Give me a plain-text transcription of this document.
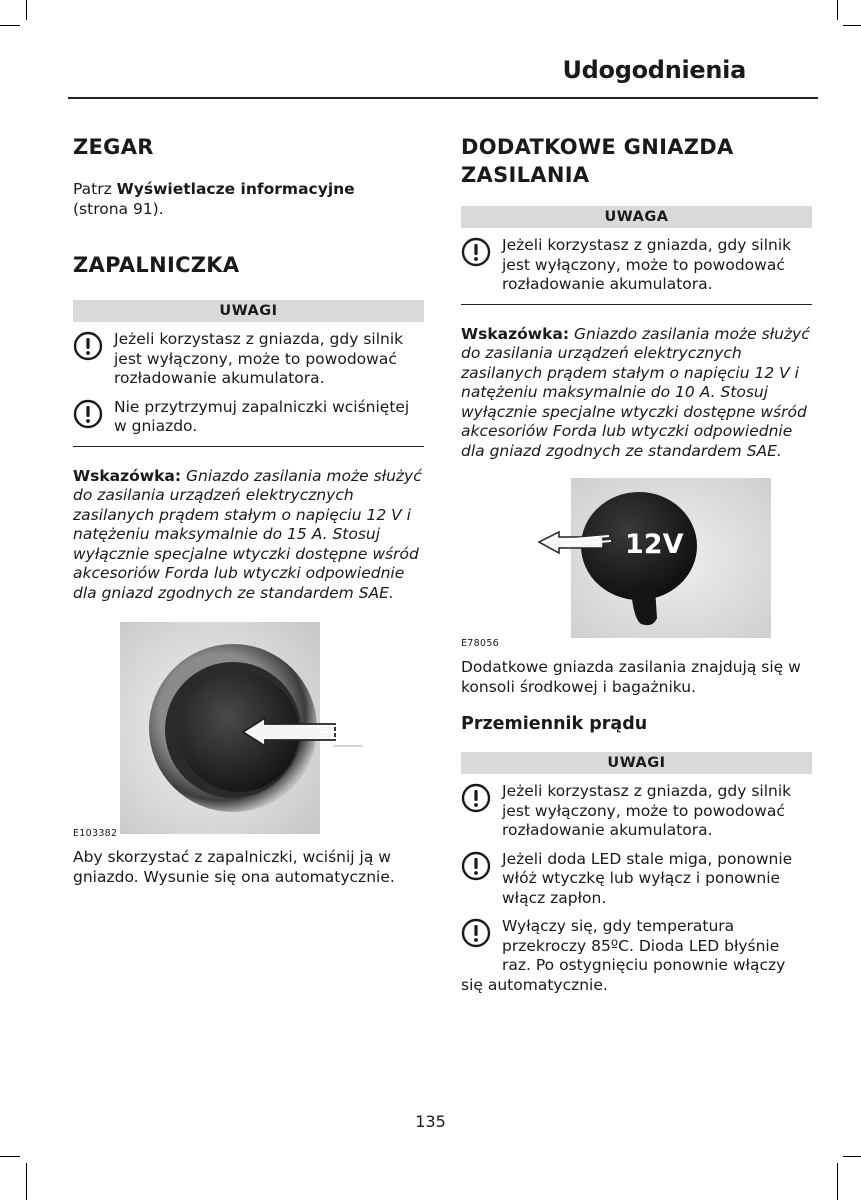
Udogodnienia
ZEGAR

Patrz Wyświetlacze informacyjne
(strona 91).

ZAPALNICZKA
UWAGI
Jeżeli korzystasz z gniazda, gdy silnik jest wyłączony, może to powodować rozładowanie akumulatora.
Nie przytrzymuj zapalniczki wciśniętej w gniazdo.

Wskazówka: Gniazdo zasilania może służyć do zasilania urządzeń elektrycznych zasilanych prądem stałym o napięciu 12 V i natężeniu maksymalnie do 15 A. Stosuj wyłącznie specjalne wtyczki dostępne wśród akcesoriów Forda lub wtyczki odpowiednie dla gniazd zgodnych ze standardem SAE.

E103382

Aby skorzystać z zapalniczki, wciśnij ją w gniazdo. Wysunie się ona automatycznie.

DODATKOWE GNIAZDA
ZASILANIA
UWAGA
Jeżeli korzystasz z gniazda, gdy silnik jest wyłączony, może to powodować rozładowanie akumulatora.

Wskazówka: Gniazdo zasilania może służyć do zasilania urządzeń elektrycznych zasilanych prądem stałym o napięciu 12 V i natężeniu maksymalnie do 10 A. Stosuj wyłącznie specjalne wtyczki dostępne wśród akcesoriów Forda lub wtyczki odpowiednie dla gniazd zgodnych ze standardem SAE.

12V
E78056

Dodatkowe gniazda zasilania znajdują się w konsoli środkowej i bagażniku.

Przemiennik prądu
UWAGI
Jeżeli korzystasz z gniazda, gdy silnik jest wyłączony, może to powodować rozładowanie akumulatora.
Jeżeli doda LED stale miga, ponownie włóż wtyczkę lub wyłącz i ponownie włącz zapłon.
Wyłączy się, gdy temperatura przekroczy 85ºC. Dioda LED błyśnie raz. Po ostygnięciu ponownie włączy

się automatycznie.

135
